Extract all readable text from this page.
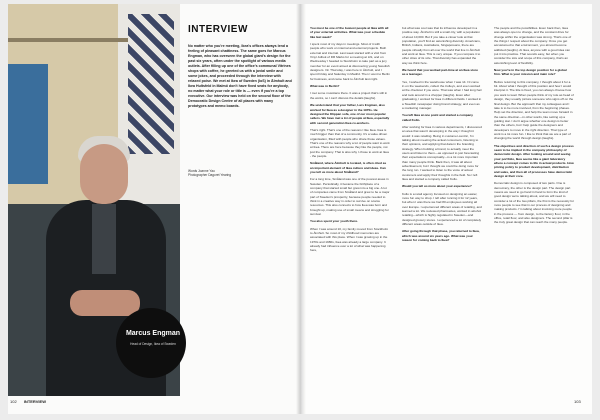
Marcus Engman
Head of Design, Ikea of Sweden
INTERVIEW

No matter who you're meeting, Ikea's offices always lend a feeling of pleasant chattiness. The same goes for Marcus Engman, who has overseen the global giant's design for the past six years, often under the spotlight of various media outlets. After filling up one of the office's communal Vitrines shops with coffee, he greeted us with a jovial smile and some jokes, and proceeded through the interview with relaxed poise. We met at Ikea of Sweden (IoS) in Älmhult and Ikea Hultsfeld in Malmö don't have fixed seats for anybody, no matter what your role or title is — even if you're a top executive. Our interview was held on the second floor of the Democratic Design Centre of all places with many prototypes and memo boards.

Words Joanne Yau

Photographer Dagoret Yearing

You must be one of the busiest people at Ikea with all of your external activities. What was your schedule like last week?

I spent most of my days in meetings. Most of it with people who work on internal and external projects. Both external and internal. Last week started with a visit from Vinyl Julbok of DR Marks for a meeting at IoS, and on Wednesday I headed to Stockholm to take part as a jury member for an event aimed at discovering young Swedish designers. On Thursday, I was here in Älmhult, and I spent Friday and Saturday in Madrid. Then I went to Berlin for business, and came back to Älmhult last night.

What was in Berlin?

I met some musicians there. It was a project that's still in the works, so I can't discuss the details [laughs].

We understand that your father, Lars Engman, also worked for Ikea as a designer in the 1970s. He designed the Klippan sofa, one of our most popular sellers. We have met a lot of people at Ikea, especially with second generation Ikea co-workers.

That's right. That's one of the reasons I like Ikea. Ikea is much bigger than that of a community. It's a value driven organisation, filled with people who share those values. That's one of the reasons why a lot of people want to work at Ikea. There are here because they like the people, not just the company. That is also why I chose to work at Ikea - the people.

Småland, where Älmhult is located, is often cited as an important element of Ikea culture and ideas. Can you tell us more about Småland?

For a long time, Småland was one of the poorest areas in Sweden. Periodically, it became the birthplace of a company that started small but grew into a big one. A lot of companies came from Småland and grew to be a major part of Sweden's prosperity, because people needed to think in a creative way in order to survive on scarce resources. This also connects to how Ikea was born and brought up, making use of small means and struggling for survival.

You also spent your youth there.

When I was around 10, my family moved from Stockholm to Älmhult. So most of my childhood memories are associated with this place. When I was growing up in the 1970s and 1980s, Ikea was already a large company. It already had influence over a lot of what was happening here,

but what was cool was that its influence developed in a positive way. Älmhult is still a small city, with a population of about 10,000. But if you take a closer look at that population, you'll find an astonishing diversity. Americans, British, Indians, Australians, Singaporeans, there are people virtually from all over the world that live in Älmhult and work at Ikea. This is very unique. If you compare it to other cities of its size. That diversity has expanded the way we think here.

We heard that you worked part-time at an Ikea store as a teenager.

Yes, I worked in the warehouse when I was 14. I'd come in on the weekends, collect the trolleys, and even worked at the checkout if you were. That was when I had long hair and took around in a chopper (laughs). Even after graduating, I worked for Ikea in different fields. I worked in a Swedish newspaper doing brand strategy, and even as a marketing manager.

You left Ikea at one point and started a company called Kollo.

After working for Ikea in various departments, I discovered an area that wasn't developing in the way I thought it would: it was retailing. Being in customer-centric, I'm talking about meeting the actual consumers, listening to their opinions, and applying that data in the branding strategy. When building a brand, to actually meet the users and listen to them—as opposed to just forecasting their expectations conceptually—is a lot more important than many people think. Back then, it was all about advertisement, but I thought we could be doing more for the long run. I wanted to listen to the voice of actual customers and apply their thoughts in the field. So I left Ikea and started a company called Kollo.

Would you tell us more about your experience?

Kollo is a retail agency focused on designing an easier, more fun way to shop. I left after running it for 12 years, but when I was there we had 80 employees working all over Europe. I experienced different areas of retailing, and learned a lot. We reviewed pharmacies, worked in alcohol retailing—which is highly regulated in Sweden—and designed grocery stores. I experienced a lot of completely different areas outside of Ikea.

After going through that phase, you returned to Ikea, which was around six years ago. What was your reason for coming back to Ikea?

The people and the possibilities. Even back then, Ikea was always open to change, and the constant drive for change within the organisation was strong. That's one of the things I respect about the company. Once you get accustomed to that environment, you almost become addicted (laughs). At Ikea, anyone with a good idea can put it into practice. That sounds easy, but when you consider the size and scope of this company, that's an astonishing level of flexibility.

Now you're in the top design position for a global firm. What is your mission and main role?

Before returning to this company, I thought about it for a bit. About what I thought of this position and how I would interpret it. The title is fixed, you can always choose how you want to lead. When people think of my role as head of design, they usually picture someone who signs off on the final design. But the approach that my colleagues and I take is to be more involved, from the beginning phases. Help set the direction, and help the team move forward in the same direction—in other words, like setting up a guiding star. I don't argue whether one design is better than the others, but I help guide the designers and developers to move in the right direction. That type of work is a lot more fun. I like to think that we are a part of changing the world through design (laughs).

The objectives and direction of such a design process seem to be implied in the company philosophy of democratic design. After looking around and seeing your portfolio, Ikea seems like a giant laboratory where a concept comes to life in actual products. How pricing policy to product development, distribution and sales, and then all of processes have democratic design at their core.

Democratic design is composed of two parts. One is democracy, the other is the design part. The design part means we need to go hand in hand to form the kind of good design we're talking about, and we will need to consider a lot of the two pillars, the first is the necessity for more people to see that in our process of designing and making products. I'm talking about involving more people in the process — from design, to the factory floor, in the office, retail floor, and also designers. The second pillar is the truly great design that can reach the many people.

102 INTERVIEW	103
